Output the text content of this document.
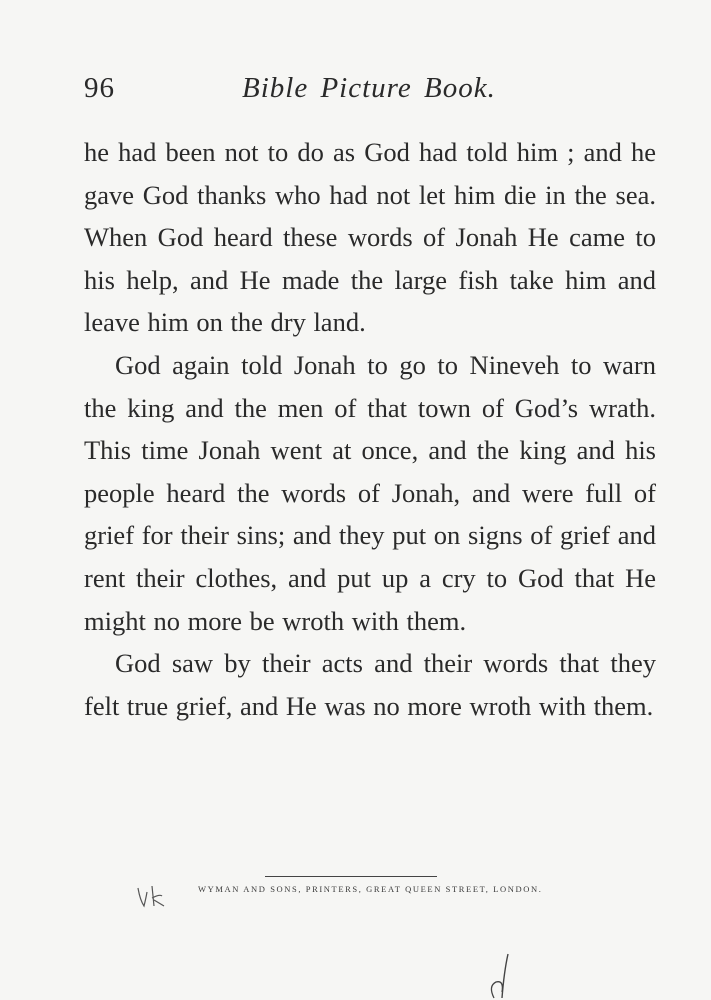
96	Bible Picture Book.

he had been not to do as God had told him ; and he gave God thanks who had not let him die in the sea. When God heard these words of Jonah He came to his help, and He made the large fish take him and leave him on the dry land.

God again told Jonah to go to Nineveh to warn the king and the men of that town of God’s wrath. This time Jonah went at once, and the king and his people heard the words of Jonah, and were full of grief for their sins; and they put on signs of grief and rent their clothes, and put up a cry to God that He might no more be wroth with them.

God saw by their acts and their words that they felt true grief, and He was no more wroth with them.

WYMAN AND SONS, PRINTERS, GREAT QUEEN STREET, LONDON.
